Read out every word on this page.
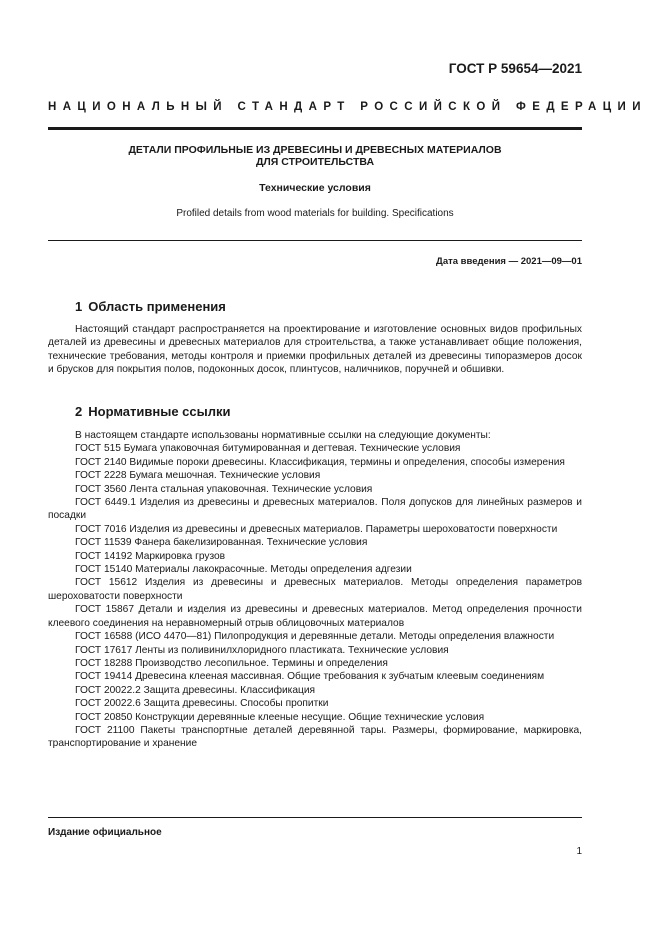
ГОСТ Р 59654—2021
НАЦИОНАЛЬНЫЙ СТАНДАРТ РОССИЙСКОЙ ФЕДЕРАЦИИ
ДЕТАЛИ ПРОФИЛЬНЫЕ ИЗ ДРЕВЕСИНЫ И ДРЕВЕСНЫХ МАТЕРИАЛОВ
ДЛЯ СТРОИТЕЛЬСТВА
Технические условия
Profiled details from wood materials for building. Specifications
Дата введения — 2021—09—01
1 Область применения

Настоящий стандарт распространяется на проектирование и изготовление основных видов профильных деталей из древесины и древесных материалов для строительства, а также устанавливает общие положения, технические требования, методы контроля и приемки профильных деталей из древесины типоразмеров досок и брусков для покрытия полов, подоконных досок, плинтусов, наличников, поручней и обшивки.

2 Нормативные ссылки

В настоящем стандарте использованы нормативные ссылки на следующие документы:

ГОСТ 515 Бумага упаковочная битумированная и дегтевая. Технические условия

ГОСТ 2140 Видимые пороки древесины. Классификация, термины и определения, способы измерения

ГОСТ 2228 Бумага мешочная. Технические условия

ГОСТ 3560 Лента стальная упаковочная. Технические условия

ГОСТ 6449.1 Изделия из древесины и древесных материалов. Поля допусков для линейных размеров и посадки

ГОСТ 7016 Изделия из древесины и древесных материалов. Параметры шероховатости поверхности

ГОСТ 11539 Фанера бакелизированная. Технические условия

ГОСТ 14192 Маркировка грузов

ГОСТ 15140 Материалы лакокрасочные. Методы определения адгезии

ГОСТ 15612 Изделия из древесины и древесных материалов. Методы определения параметров шероховатости поверхности

ГОСТ 15867 Детали и изделия из древесины и древесных материалов. Метод определения прочности клеевого соединения на неравномерный отрыв облицовочных материалов

ГОСТ 16588 (ИСО 4470—81) Пилопродукция и деревянные детали. Методы определения влажности

ГОСТ 17617 Ленты из поливинилхлоридного пластиката. Технические условия

ГОСТ 18288 Производство лесопильное. Термины и определения

ГОСТ 19414 Древесина клееная массивная. Общие требования к зубчатым клеевым соединениям

ГОСТ 20022.2 Защита древесины. Классификация

ГОСТ 20022.6 Защита древесины. Способы пропитки

ГОСТ 20850 Конструкции деревянные клееные несущие. Общие технические условия

ГОСТ 21100 Пакеты транспортные деталей деревянной тары. Размеры, формирование, маркировка, транспортирование и хранение

Издание официальное
1
